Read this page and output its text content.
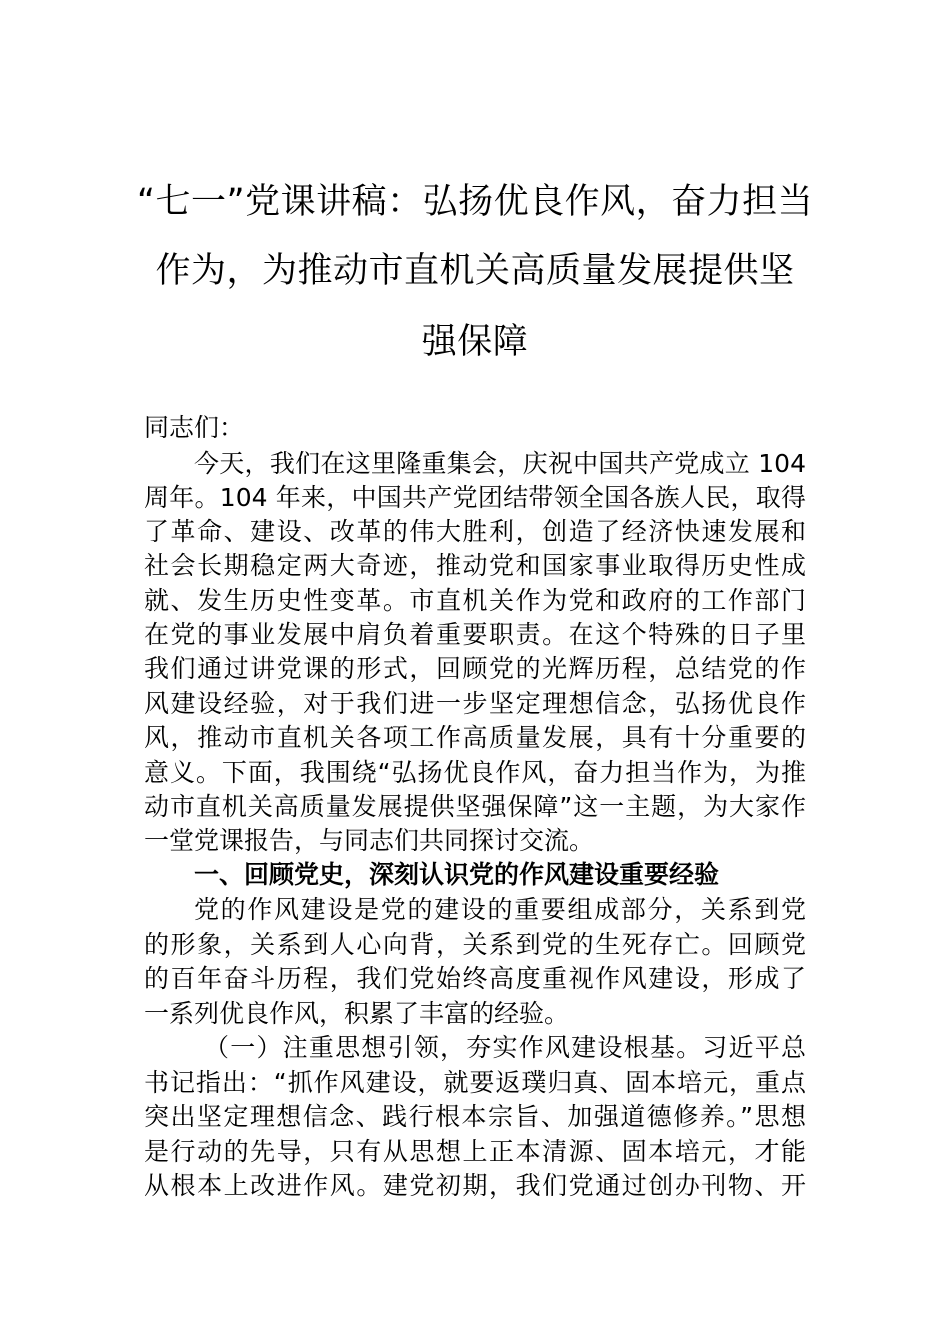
“七一”党课讲稿：弘扬优良作风，奋力担当
作为，为推动市直机关高质量发展提供坚
强保障
同志们：
今天，我们在这里隆重集会，庆祝中国共产党成立 104
周年。104 年来，中国共产党团结带领全国各族人民，取得
了革命、建设、改革的伟大胜利，创造了经济快速发展和
社会长期稳定两大奇迹，推动党和国家事业取得历史性成
就、发生历史性变革。市直机关作为党和政府的工作部门
在党的事业发展中肩负着重要职责。在这个特殊的日子里
我们通过讲党课的形式，回顾党的光辉历程，总结党的作
风建设经验，对于我们进一步坚定理想信念，弘扬优良作
风，推动市直机关各项工作高质量发展，具有十分重要的
意义。下面，我围绕“弘扬优良作风，奋力担当作为，为推
动市直机关高质量发展提供坚强保障”这一主题，为大家作
一堂党课报告，与同志们共同探讨交流。
一、回顾党史，深刻认识党的作风建设重要经验
党的作风建设是党的建设的重要组成部分，关系到党
的形象，关系到人心向背，关系到党的生死存亡。回顾党
的百年奋斗历程，我们党始终高度重视作风建设，形成了
一系列优良作风，积累了丰富的经验。
（一）注重思想引领，夯实作风建设根基。习近平总
书记指出：“抓作风建设，就要返璞归真、固本培元，重点
突出坚定理想信念、践行根本宗旨、加强道德修养。”思想
是行动的先导，只有从思想上正本清源、固本培元，才能
从根本上改进作风。建党初期，我们党通过创办刊物、开
